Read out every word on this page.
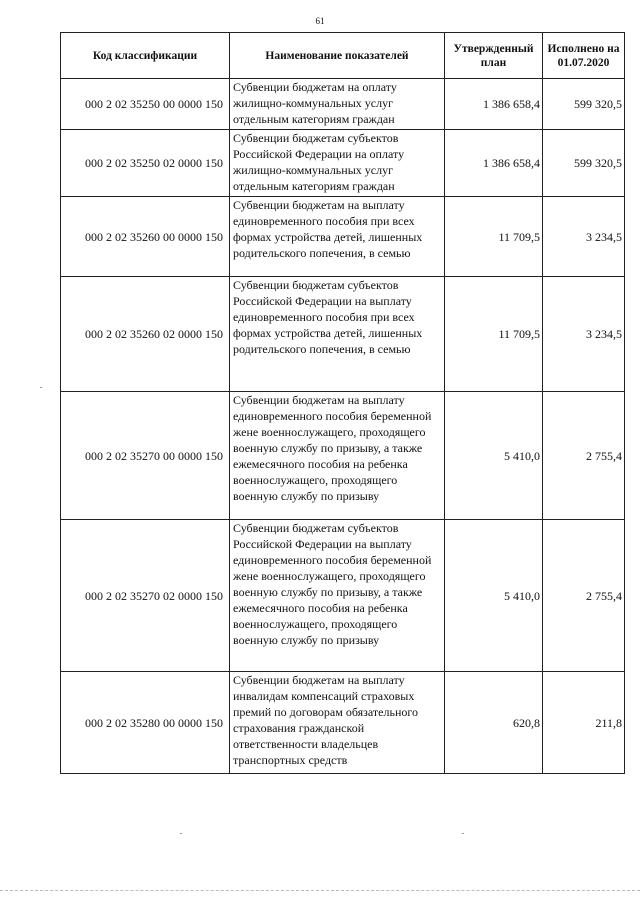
61
Код классификации	Наименование показателей	Утвержденный план	Исполнено на 01.07.2020
000 2 02 35250 00 0000 150	Субвенции бюджетам на оплату жилищно-коммунальных услуг отдельным категориям граждан	1 386 658,4	599 320,5
000 2 02 35250 02 0000 150	Субвенции бюджетам субъектов Российской Федерации на оплату жилищно-коммунальных услуг отдельным категориям граждан	1 386 658,4	599 320,5
000 2 02 35260 00 0000 150	Субвенции бюджетам на выплату единовременного пособия при всех формах устройства детей, лишенных родительского попечения, в семью	11 709,5	3 234,5
000 2 02 35260 02 0000 150	Субвенции бюджетам субъектов Российской Федерации на выплату единовременного пособия при всех формах устройства детей, лишенных родительского попечения, в семью	11 709,5	3 234,5
000 2 02 35270 00 0000 150	Субвенции бюджетам на выплату единовременного пособия беременной жене военнослужащего, проходящего военную службу по призыву, а также ежемесячного пособия на ребенка военнослужащего, проходящего военную службу по призыву	5 410,0	2 755,4
000 2 02 35270 02 0000 150	Субвенции бюджетам субъектов Российской Федерации на выплату единовременного пособия беременной жене военнослужащего, проходящего военную службу по призыву, а также ежемесячного пособия на ребенка военнослужащего, проходящего военную службу по призыву	5 410,0	2 755,4
000 2 02 35280 00 0000 150	Субвенции бюджетам на выплату инвалидам компенсаций страховых премий по договорам обязательного страхования гражданской ответственности владельцев транспортных средств	620,8	211,8
